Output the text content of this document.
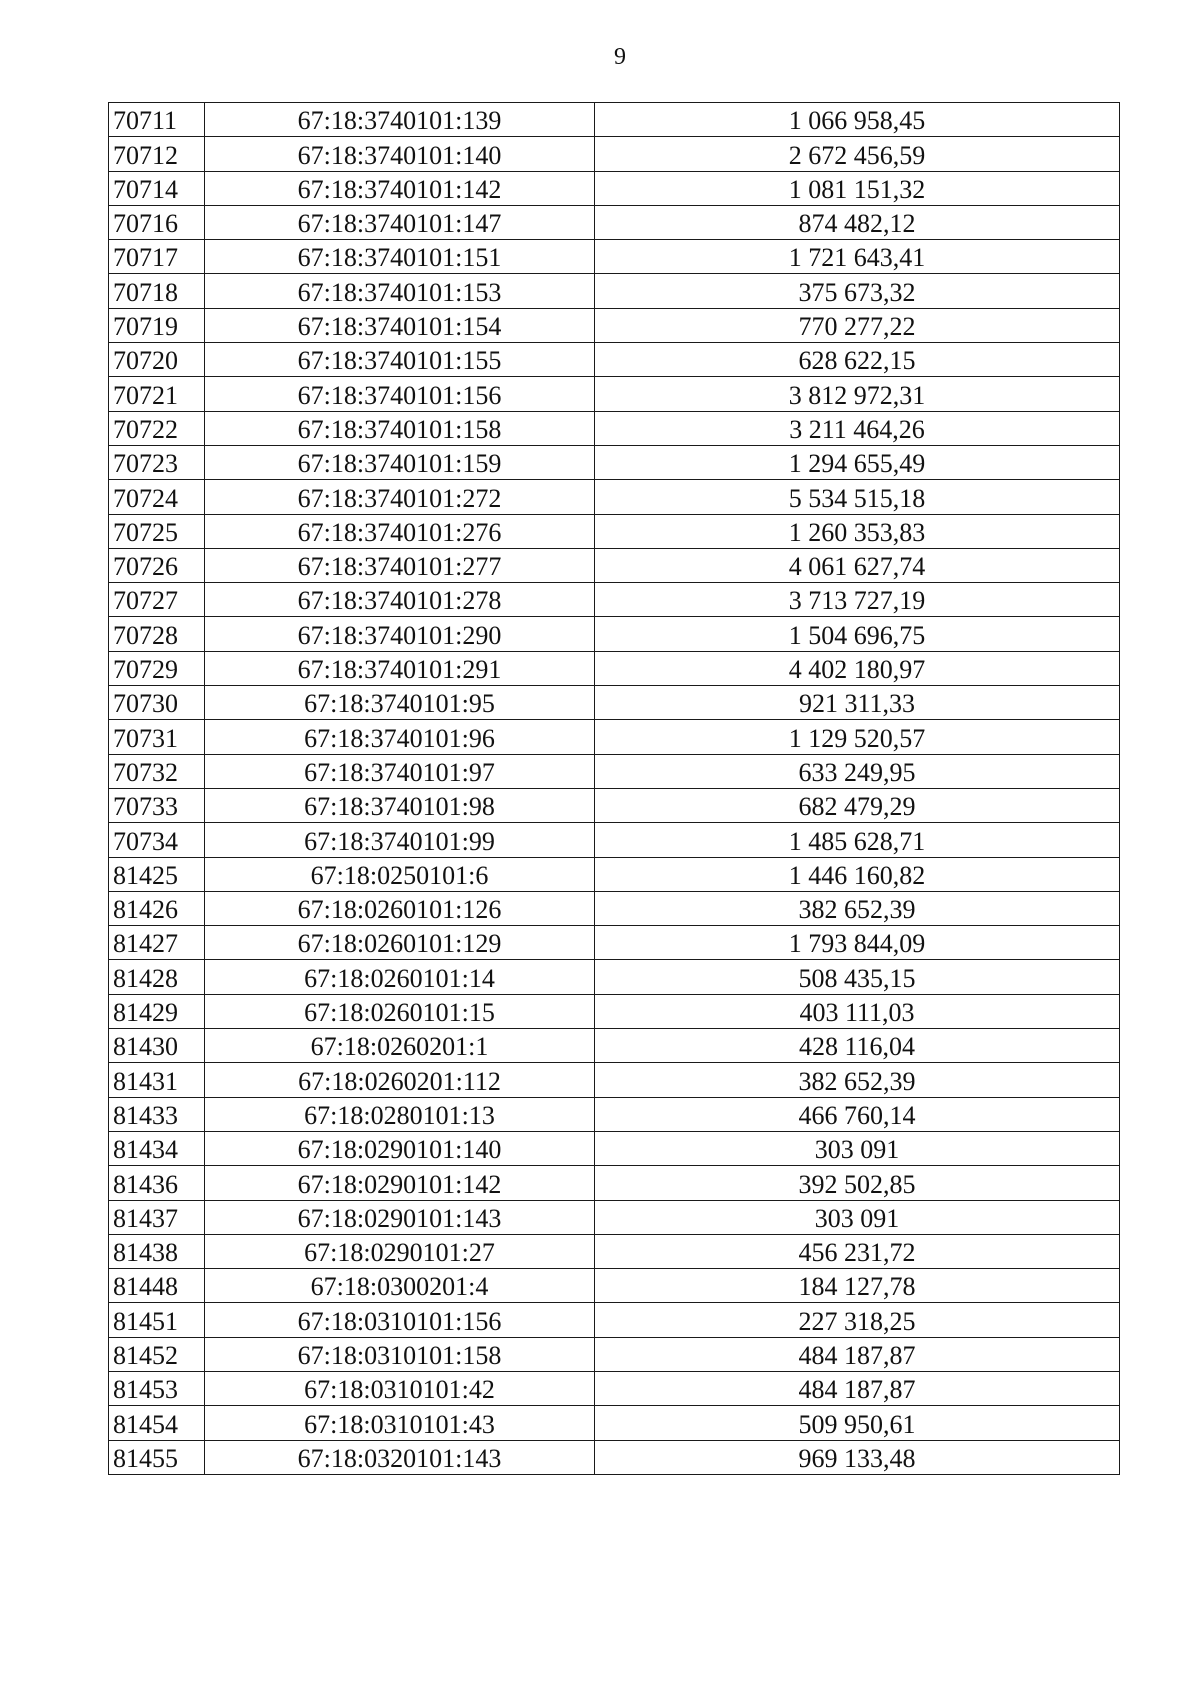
9
70711	67:18:3740101:139	1 066 958,45
70712	67:18:3740101:140	2 672 456,59
70714	67:18:3740101:142	1 081 151,32
70716	67:18:3740101:147	874 482,12
70717	67:18:3740101:151	1 721 643,41
70718	67:18:3740101:153	375 673,32
70719	67:18:3740101:154	770 277,22
70720	67:18:3740101:155	628 622,15
70721	67:18:3740101:156	3 812 972,31
70722	67:18:3740101:158	3 211 464,26
70723	67:18:3740101:159	1 294 655,49
70724	67:18:3740101:272	5 534 515,18
70725	67:18:3740101:276	1 260 353,83
70726	67:18:3740101:277	4 061 627,74
70727	67:18:3740101:278	3 713 727,19
70728	67:18:3740101:290	1 504 696,75
70729	67:18:3740101:291	4 402 180,97
70730	67:18:3740101:95	921 311,33
70731	67:18:3740101:96	1 129 520,57
70732	67:18:3740101:97	633 249,95
70733	67:18:3740101:98	682 479,29
70734	67:18:3740101:99	1 485 628,71
81425	67:18:0250101:6	1 446 160,82
81426	67:18:0260101:126	382 652,39
81427	67:18:0260101:129	1 793 844,09
81428	67:18:0260101:14	508 435,15
81429	67:18:0260101:15	403 111,03
81430	67:18:0260201:1	428 116,04
81431	67:18:0260201:112	382 652,39
81433	67:18:0280101:13	466 760,14
81434	67:18:0290101:140	303 091
81436	67:18:0290101:142	392 502,85
81437	67:18:0290101:143	303 091
81438	67:18:0290101:27	456 231,72
81448	67:18:0300201:4	184 127,78
81451	67:18:0310101:156	227 318,25
81452	67:18:0310101:158	484 187,87
81453	67:18:0310101:42	484 187,87
81454	67:18:0310101:43	509 950,61
81455	67:18:0320101:143	969 133,48
